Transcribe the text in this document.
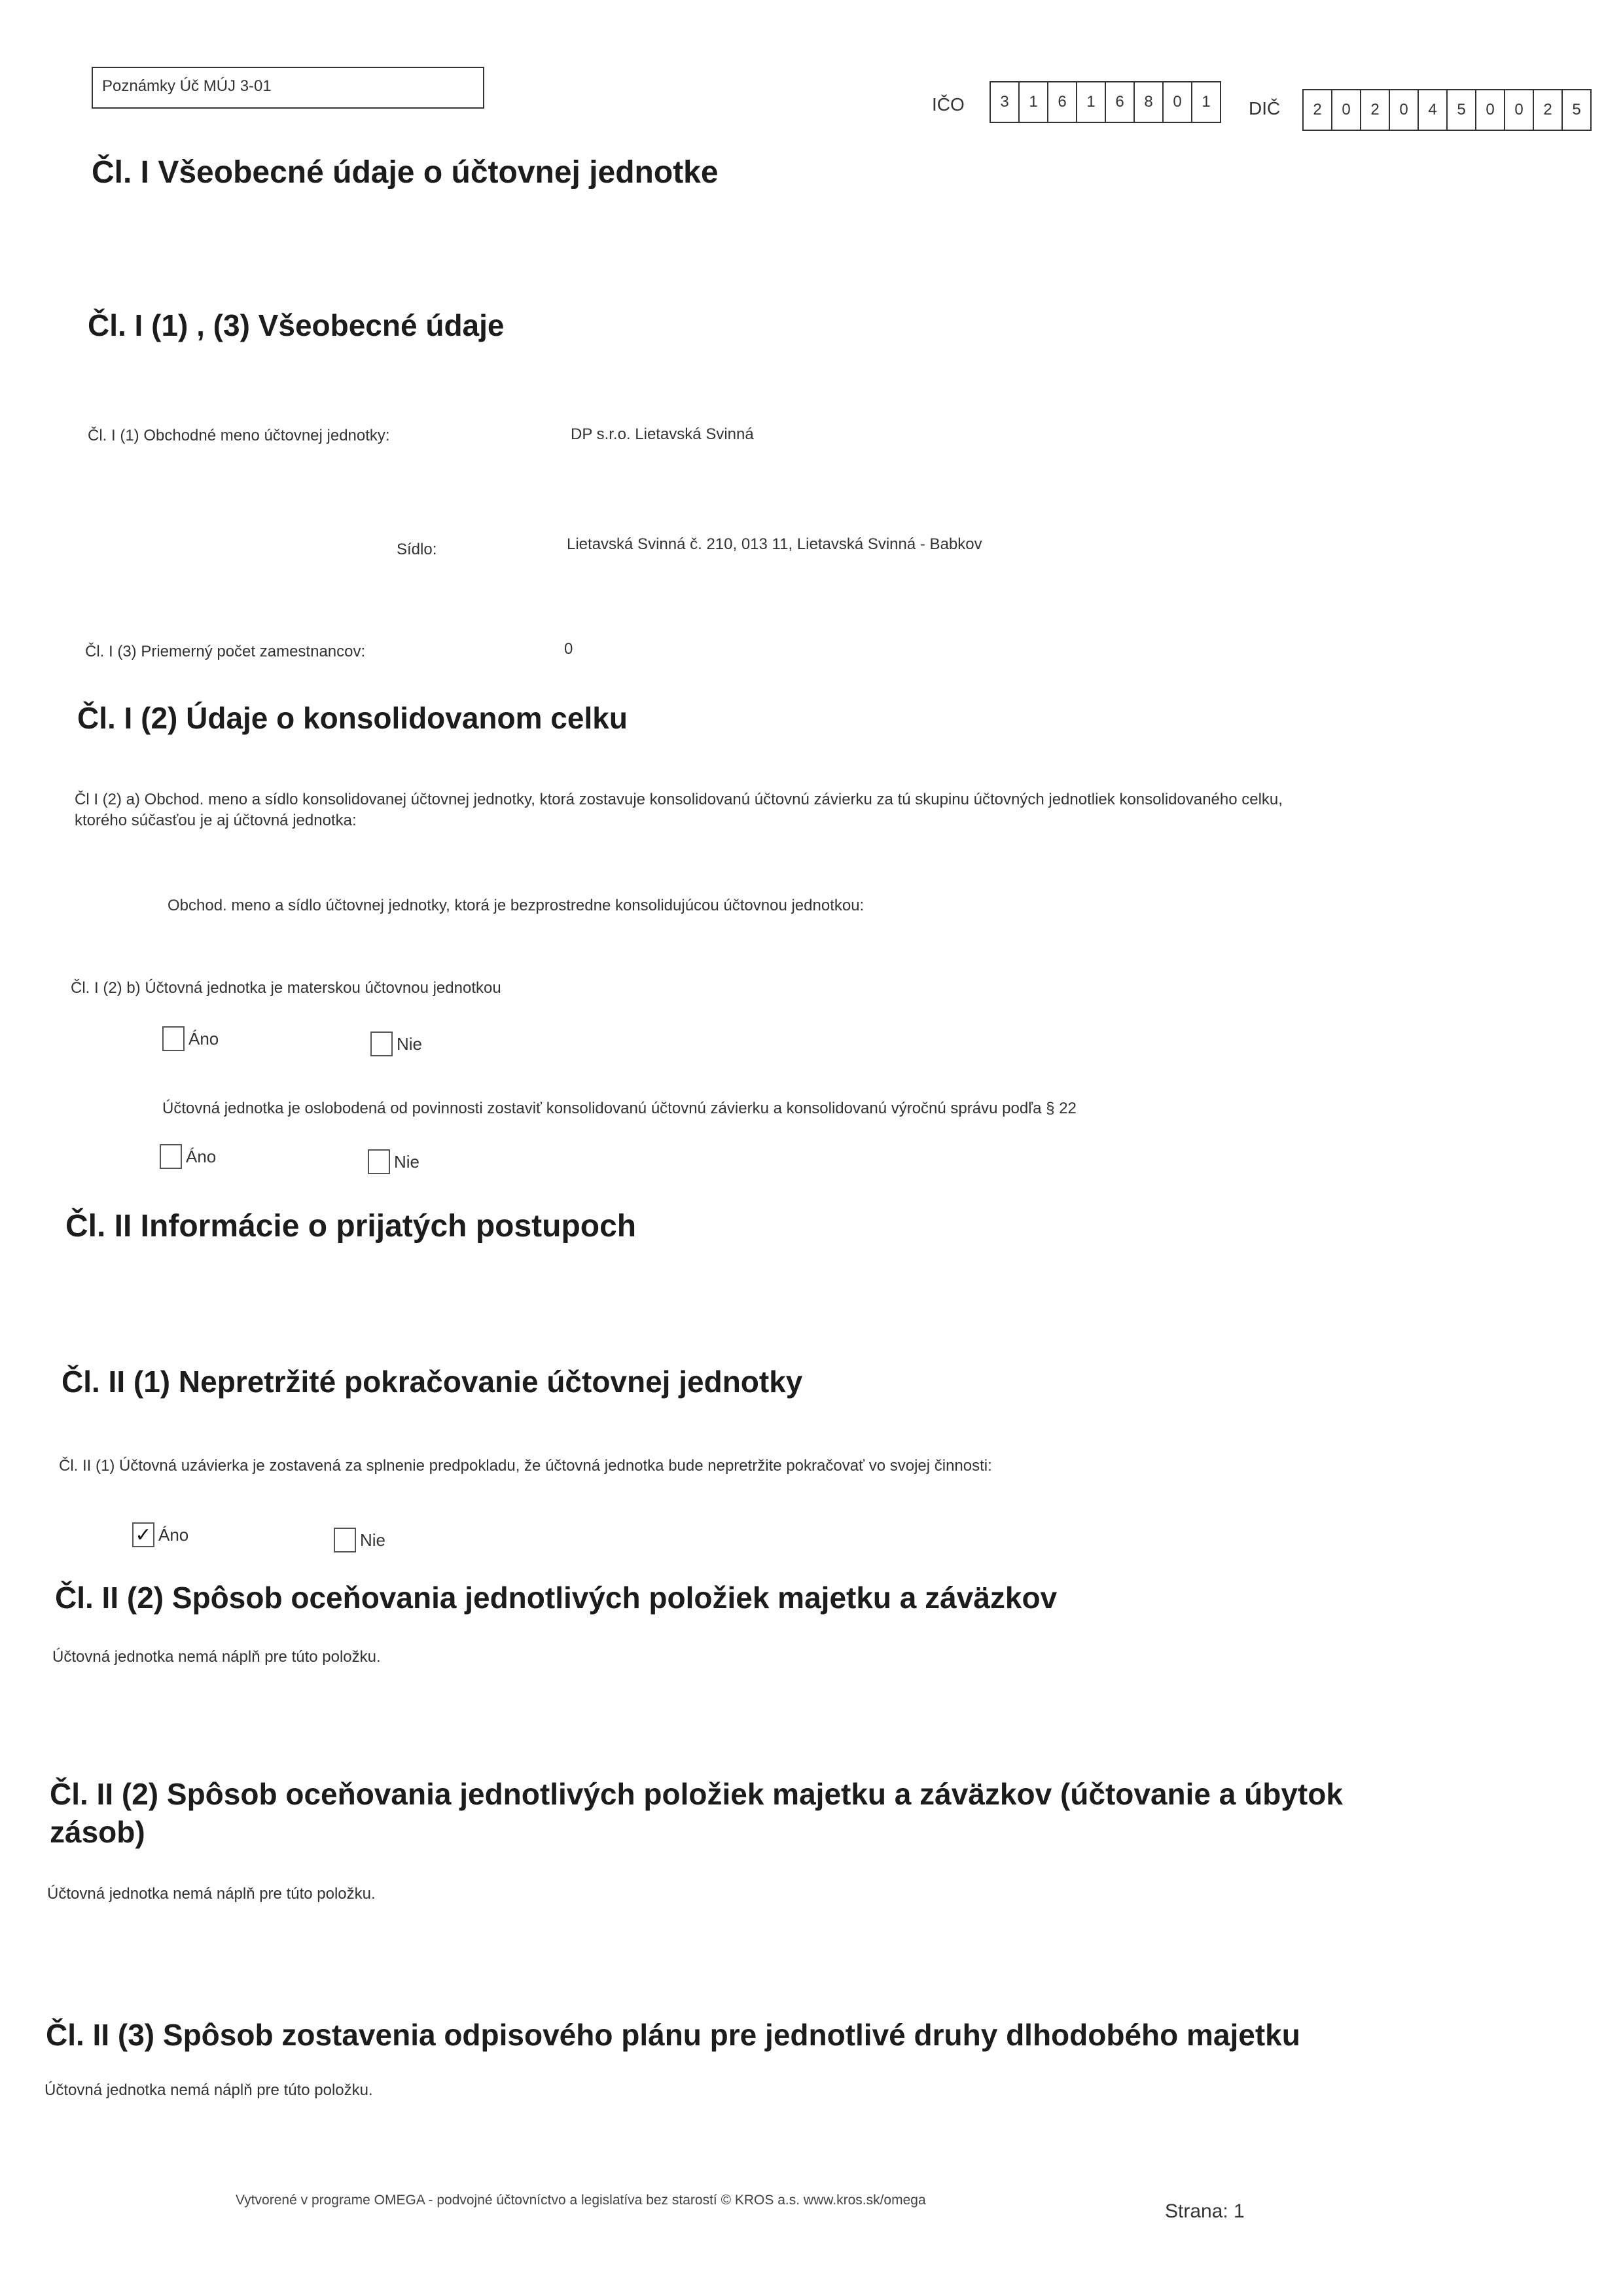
Poznámky Úč MÚJ 3-01
IČO	3	1	6	1	6	8	0	1	DIČ	2	0	2	0	4	5	0	0	2	5
Čl. I Všeobecné údaje o účtovnej jednotke
Čl. I (1) , (3) Všeobecné údaje
Čl. I (1) Obchodné meno účtovnej jednotky:	DP s.r.o. Lietavská Svinná
Sídlo:	Lietavská Svinná č. 210, 013 11, Lietavská Svinná - Babkov
Čl. I (3) Priemerný počet zamestnancov:	0
Čl. I (2) Údaje o konsolidovanom celku
Čl I (2) a) Obchod. meno a sídlo konsolidovanej účtovnej jednotky, ktorá zostavuje konsolidovanú účtovnú závierku za tú skupinu účtovných jednotliek konsolidovaného celku,
ktorého súčasťou je aj účtovná jednotka:
Obchod. meno a sídlo účtovnej jednotky, ktorá je bezprostredne konsolidujúcou účtovnou jednotkou:
Čl. I (2) b) Účtovná jednotka je materskou účtovnou jednotkou
Áno	Nie
Účtovná jednotka je oslobodená od povinnosti zostaviť konsolidovanú účtovnú závierku a konsolidovanú výročnú správu podľa § 22
Áno	Nie
Čl. II Informácie o prijatých postupoch
Čl. II (1) Nepretržité pokračovanie účtovnej jednotky
Čl. II (1) Účtovná uzávierka je zostavená za splnenie predpokladu, že účtovná jednotka bude nepretržite pokračovať vo svojej činnosti:
✓ Áno	Nie
Čl. II (2) Spôsob oceňovania jednotlivých položiek majetku a záväzkov
Účtovná jednotka nemá náplň pre túto položku.
Čl. II (2) Spôsob oceňovania jednotlivých položiek majetku a záväzkov (účtovanie a úbytok
zásob)
Účtovná jednotka nemá náplň pre túto položku.
Čl. II (3) Spôsob zostavenia odpisového plánu pre jednotlivé druhy dlhodobého majetku
Účtovná jednotka nemá náplň pre túto položku.
Vytvorené v programe OMEGA - podvojné účtovníctvo a legislatíva bez starostí © KROS a.s. www.kros.sk/omega
Strana: 1
